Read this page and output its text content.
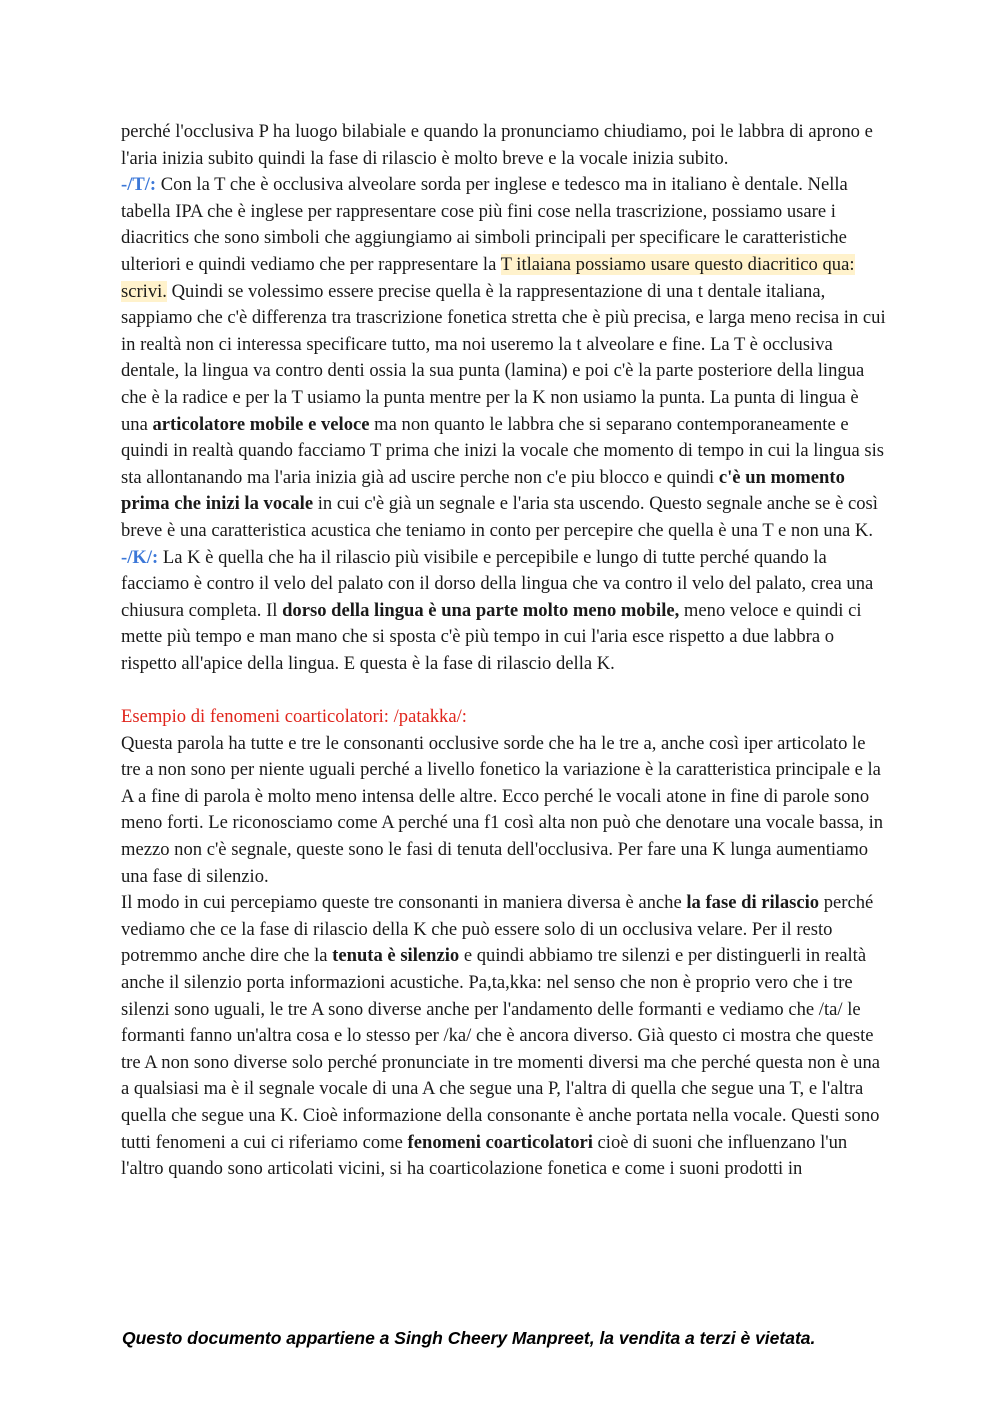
perché l'occlusiva P ha luogo bilabiale e quando la pronunciamo chiudiamo, poi le labbra di aprono e l'aria inizia subito quindi la fase di rilascio è molto breve e la vocale inizia subito.

-/T/: Con la T che è occlusiva alveolare sorda per inglese e tedesco ma in italiano è dentale. Nella tabella IPA che è inglese per rappresentare cose più fini cose nella trascrizione, possiamo usare i diacritics che sono simboli che aggiungiamo ai simboli principali per specificare le caratteristiche ulteriori e quindi vediamo che per rappresentare la T itlaiana possiamo usare questo diacritico qua: scrivi. Quindi se volessimo essere precise quella è la rappresentazione di una t dentale italiana, sappiamo che c'è differenza tra trascrizione fonetica stretta che è più precisa, e larga meno recisa in cui in realtà non ci interessa specificare tutto, ma noi useremo la t alveolare e fine. La T è occlusiva dentale, la lingua va contro denti ossia la sua punta (lamina) e poi c'è la parte posteriore della lingua che è la radice e per la T usiamo la punta mentre per la K non usiamo la punta. La punta di lingua è una articolatore mobile e veloce ma non quanto le labbra che si separano contemporaneamente e quindi in realtà quando facciamo T prima che inizi la vocale che momento di tempo in cui la lingua sis sta allontanando ma l'aria inizia già ad uscire perche non c'e piu blocco e quindi c'è un momento prima che inizi la vocale in cui c'è già un segnale e l'aria sta uscendo. Questo segnale anche se è così breve è una caratteristica acustica che teniamo in conto per percepire che quella è una T e non una K.

-/K/: La K è quella che ha il rilascio più visibile e percepibile e lungo di tutte perché quando la facciamo è contro il velo del palato con il dorso della lingua che va contro il velo del palato, crea una chiusura completa. Il dorso della lingua è una parte molto meno mobile, meno veloce e quindi ci mette più tempo e man mano che si sposta c'è più tempo in cui l'aria esce rispetto a due labbra o rispetto all'apice della lingua. E questa è la fase di rilascio della K.

Esempio di fenomeni coarticolatori: /patakka/:

Questa parola ha tutte e tre le consonanti occlusive sorde che ha le tre a, anche così iper articolato le tre a non sono per niente uguali perché a livello fonetico la variazione è la caratteristica principale e la A a fine di parola è molto meno intensa delle altre. Ecco perché le vocali atone in fine di parole sono meno forti. Le riconosciamo come A perché una f1 così alta non può che denotare una vocale bassa, in mezzo non c'è segnale, queste sono le fasi di tenuta dell'occlusiva. Per fare una K lunga aumentiamo una fase di silenzio.

Il modo in cui percepiamo queste tre consonanti in maniera diversa è anche la fase di rilascio perché vediamo che ce la fase di rilascio della K che può essere solo di un occlusiva velare. Per il resto potremmo anche dire che la tenuta è silenzio e quindi abbiamo tre silenzi e per distinguerli in realtà anche il silenzio porta informazioni acustiche. Pa,ta,kka: nel senso che non è proprio vero che i tre silenzi sono uguali, le tre A sono diverse anche per l'andamento delle formanti e vediamo che /ta/ le formanti fanno un'altra cosa e lo stesso per /ka/ che è ancora diverso. Già questo ci mostra che queste tre A non sono diverse solo perché pronunciate in tre momenti diversi ma che perché questa non è una a qualsiasi ma è il segnale vocale di una A che segue una P, l'altra di quella che segue una T, e l'altra quella che segue una K. Cioè informazione della consonante è anche portata nella vocale. Questi sono tutti fenomeni a cui ci riferiamo come fenomeni coarticolatori cioè di suoni che influenzano l'un l'altro quando sono articolati vicini, si ha coarticolazione fonetica e come i suoni prodotti in

Questo documento appartiene a Singh Cheery Manpreet, la vendita a terzi è vietata.
